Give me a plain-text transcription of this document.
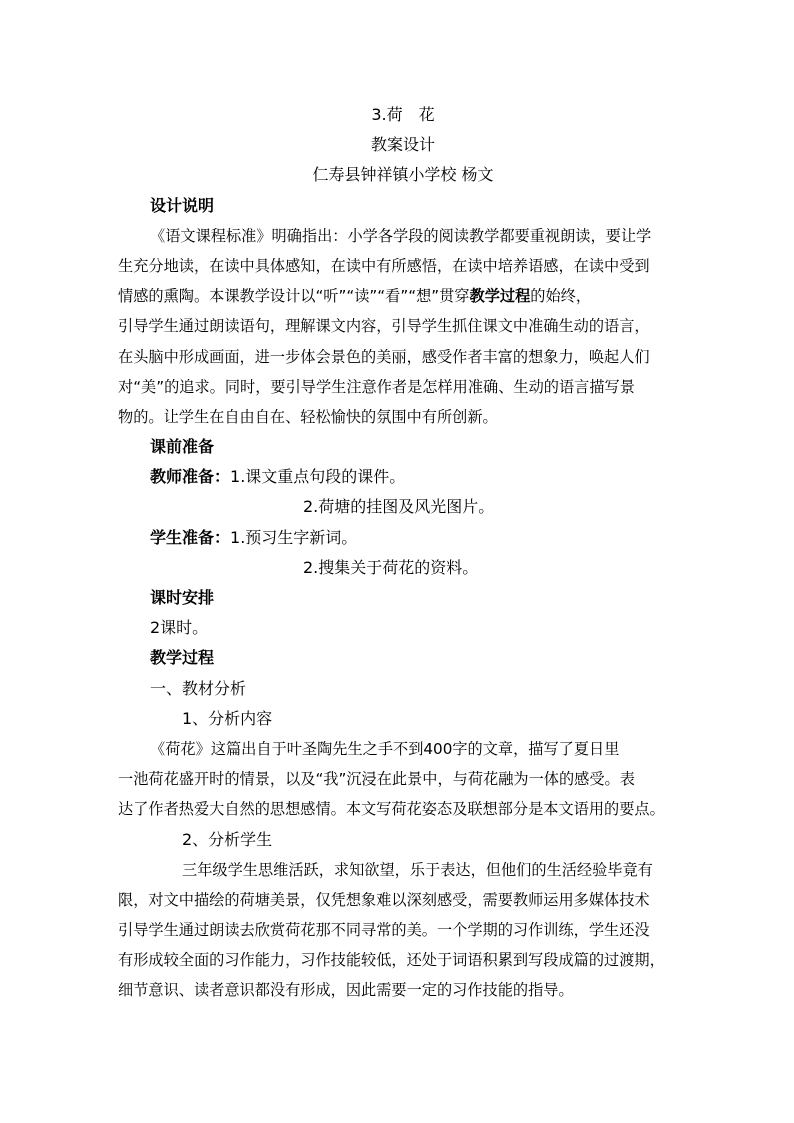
3.荷　花
教案设计
仁寿县钟祥镇小学校 杨文
设计说明
《语文课程标准》明确指出：小学各学段的阅读教学都要重视朗读，要让学
生充分地读，在读中具体感知，在读中有所感悟，在读中培养语感，在读中受到
情感的熏陶。本课教学设计以“听”“读”“看”“想”贯穿教学过程的始终，
引导学生通过朗读语句，理解课文内容，引导学生抓住课文中准确生动的语言，
在头脑中形成画面，进一步体会景色的美丽，感受作者丰富的想象力，唤起人们
对“美”的追求。同时，要引导学生注意作者是怎样用准确、生动的语言描写景
物的。让学生在自由自在、轻松愉快的氛围中有所创新。
课前准备
教师准备：1.课文重点句段的课件。
2.荷塘的挂图及风光图片。
学生准备：1.预习生字新词。
2.搜集关于荷花的资料。
课时安排
2课时。
教学过程
一、教材分析
1、分析内容
《荷花》这篇出自于叶圣陶先生之手不到400字的文章，描写了夏日里
一池荷花盛开时的情景，以及“我”沉浸在此景中，与荷花融为一体的感受。表
达了作者热爱大自然的思想感情。本文写荷花姿态及联想部分是本文语用的要点。
2、分析学生
三年级学生思维活跃，求知欲望，乐于表达，但他们的生活经验毕竟有
限，对文中描绘的荷塘美景，仅凭想象难以深刻感受，需要教师运用多媒体技术
引导学生通过朗读去欣赏荷花那不同寻常的美。一个学期的习作训练，学生还没
有形成较全面的习作能力，习作技能较低，还处于词语积累到写段成篇的过渡期，
细节意识、读者意识都没有形成，因此需要一定的习作技能的指导。
